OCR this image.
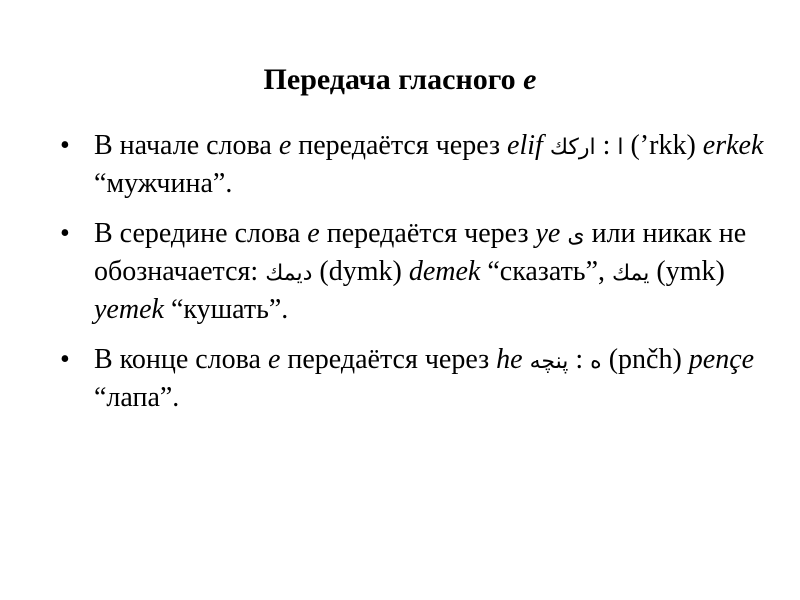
Передача гласного е
• В начале слова е передаётся через elif اركك : ا (’rkk) erkek “мужчина”.
• В середине слова е передаётся через ye ى или никак не обозначается: ديمك (dymk) demek “сказать”, يمك (ymk) yemek “кушать”.
• В конце слова е передаётся через he پنچه : ه (pnčh) pençe “лапа”.
